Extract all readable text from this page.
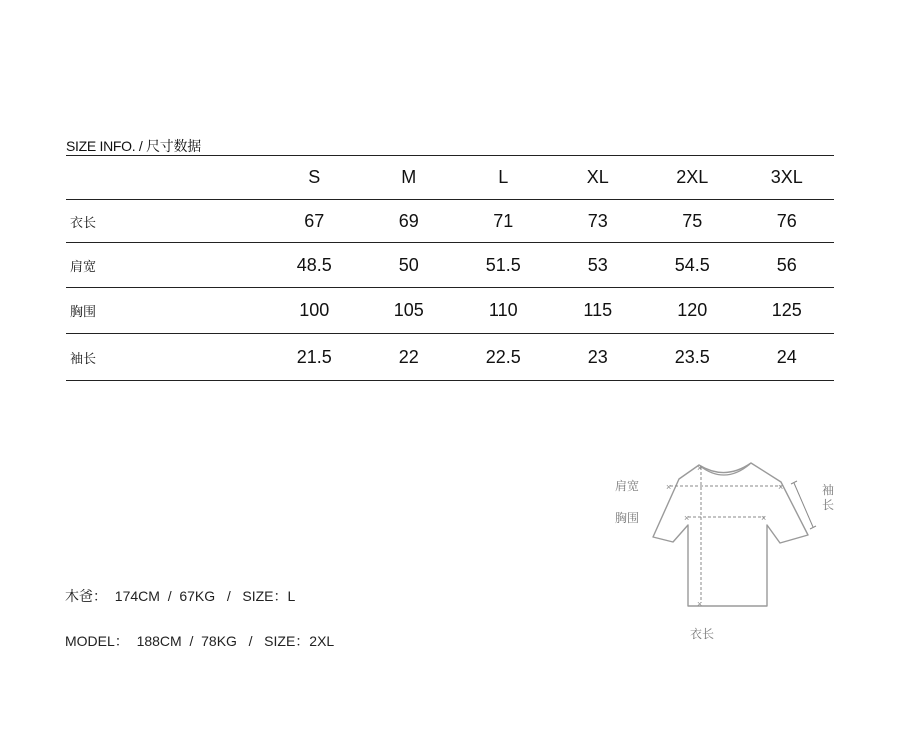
SIZE INFO. / 尺寸数据
	S	M	L	XL	2XL	3XL
衣长	67	69	71	73	75	76
肩宽	48.5	50	51.5	53	54.5	56
胸围	100	105	110	115	120	125
袖长	21.5	22	22.5	23	23.5	24
木爸：  174CM  /  67KG   /   SIZE：L
MODEL：  188CM  /  78KG   /   SIZE：2XL
×	×
×	×
×
×
肩宽
胸围
袖
长
衣长
